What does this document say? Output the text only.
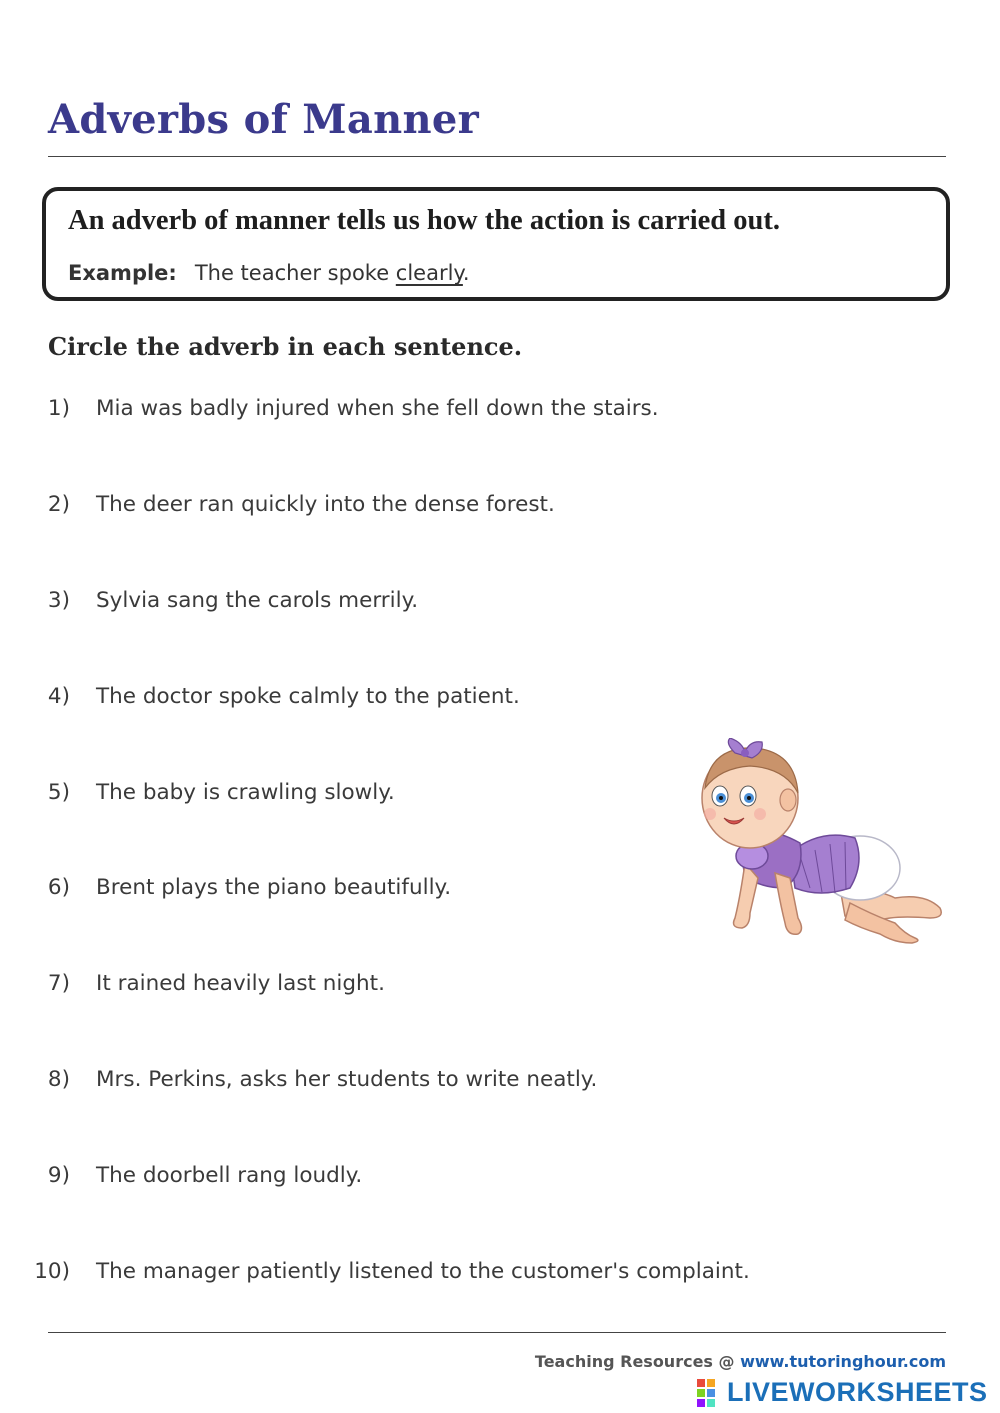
Adverbs of Manner
An adverb of manner tells us how the action is carried out.
Example: The teacher spoke clearly.
Circle the adverb in each sentence.
1) Mia was badly injured when she fell down the stairs.
2) The deer ran quickly into the dense forest.
3) Sylvia sang the carols merrily.
4) The doctor spoke calmly to the patient.
5) The baby is crawling slowly.
6) Brent plays the piano beautifully.
7) It rained heavily last night.
8) Mrs. Perkins, asks her students to write neatly.
9) The doorbell rang loudly.
10) The manager patiently listened to the customer's complaint.
Teaching Resources @ www.tutoringhour.com
LIVEWORKSHEETS
